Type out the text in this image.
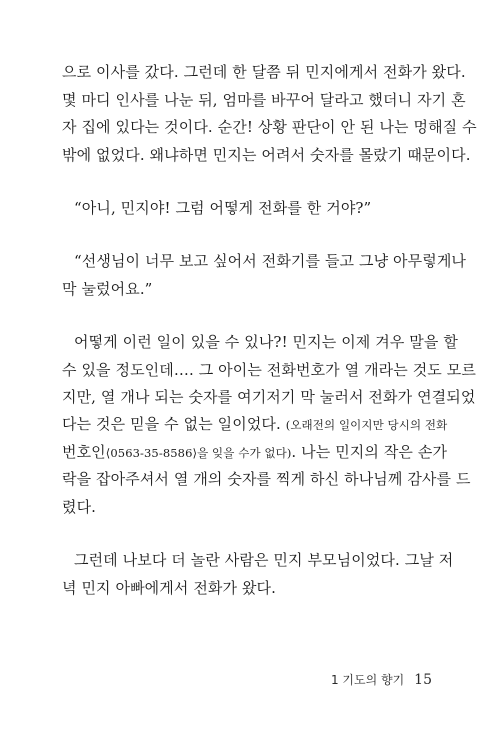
으로 이사를 갔다. 그런데 한 달쯤 뒤 민지에게서 전화가 왔다.
몇 마디 인사를 나눈 뒤, 엄마를 바꾸어 달라고 했더니 자기 혼
자 집에 있다는 것이다. 순간! 상황 판단이 안 된 나는 멍해질 수
밖에 없었다. 왜냐하면 민지는 어려서 숫자를 몰랐기 때문이다.
“아니, 민지야! 그럼 어떻게 전화를 한 거야?”
“선생님이 너무 보고 싶어서 전화기를 들고 그냥 아무렇게나
막 눌렀어요.”
어떻게 이런 일이 있을 수 있나?! 민지는 이제 겨우 말을 할
수 있을 정도인데…. 그 아이는 전화번호가 열 개라는 것도 모르
지만, 열 개나 되는 숫자를 여기저기 막 눌러서 전화가 연결되었
다는 것은 믿을 수 없는 일이었다. (오래전의 일이지만 당시의 전화
번호인⟨0563-35-8586⟩을 잊을 수가 없다). 나는 민지의 작은 손가
락을 잡아주셔서 열 개의 숫자를 찍게 하신 하나님께 감사를 드
렸다.
그런데 나보다 더 놀란 사람은 민지 부모님이었다. 그날 저
녁 민지 아빠에게서 전화가 왔다.
1 기도의 향기 15
